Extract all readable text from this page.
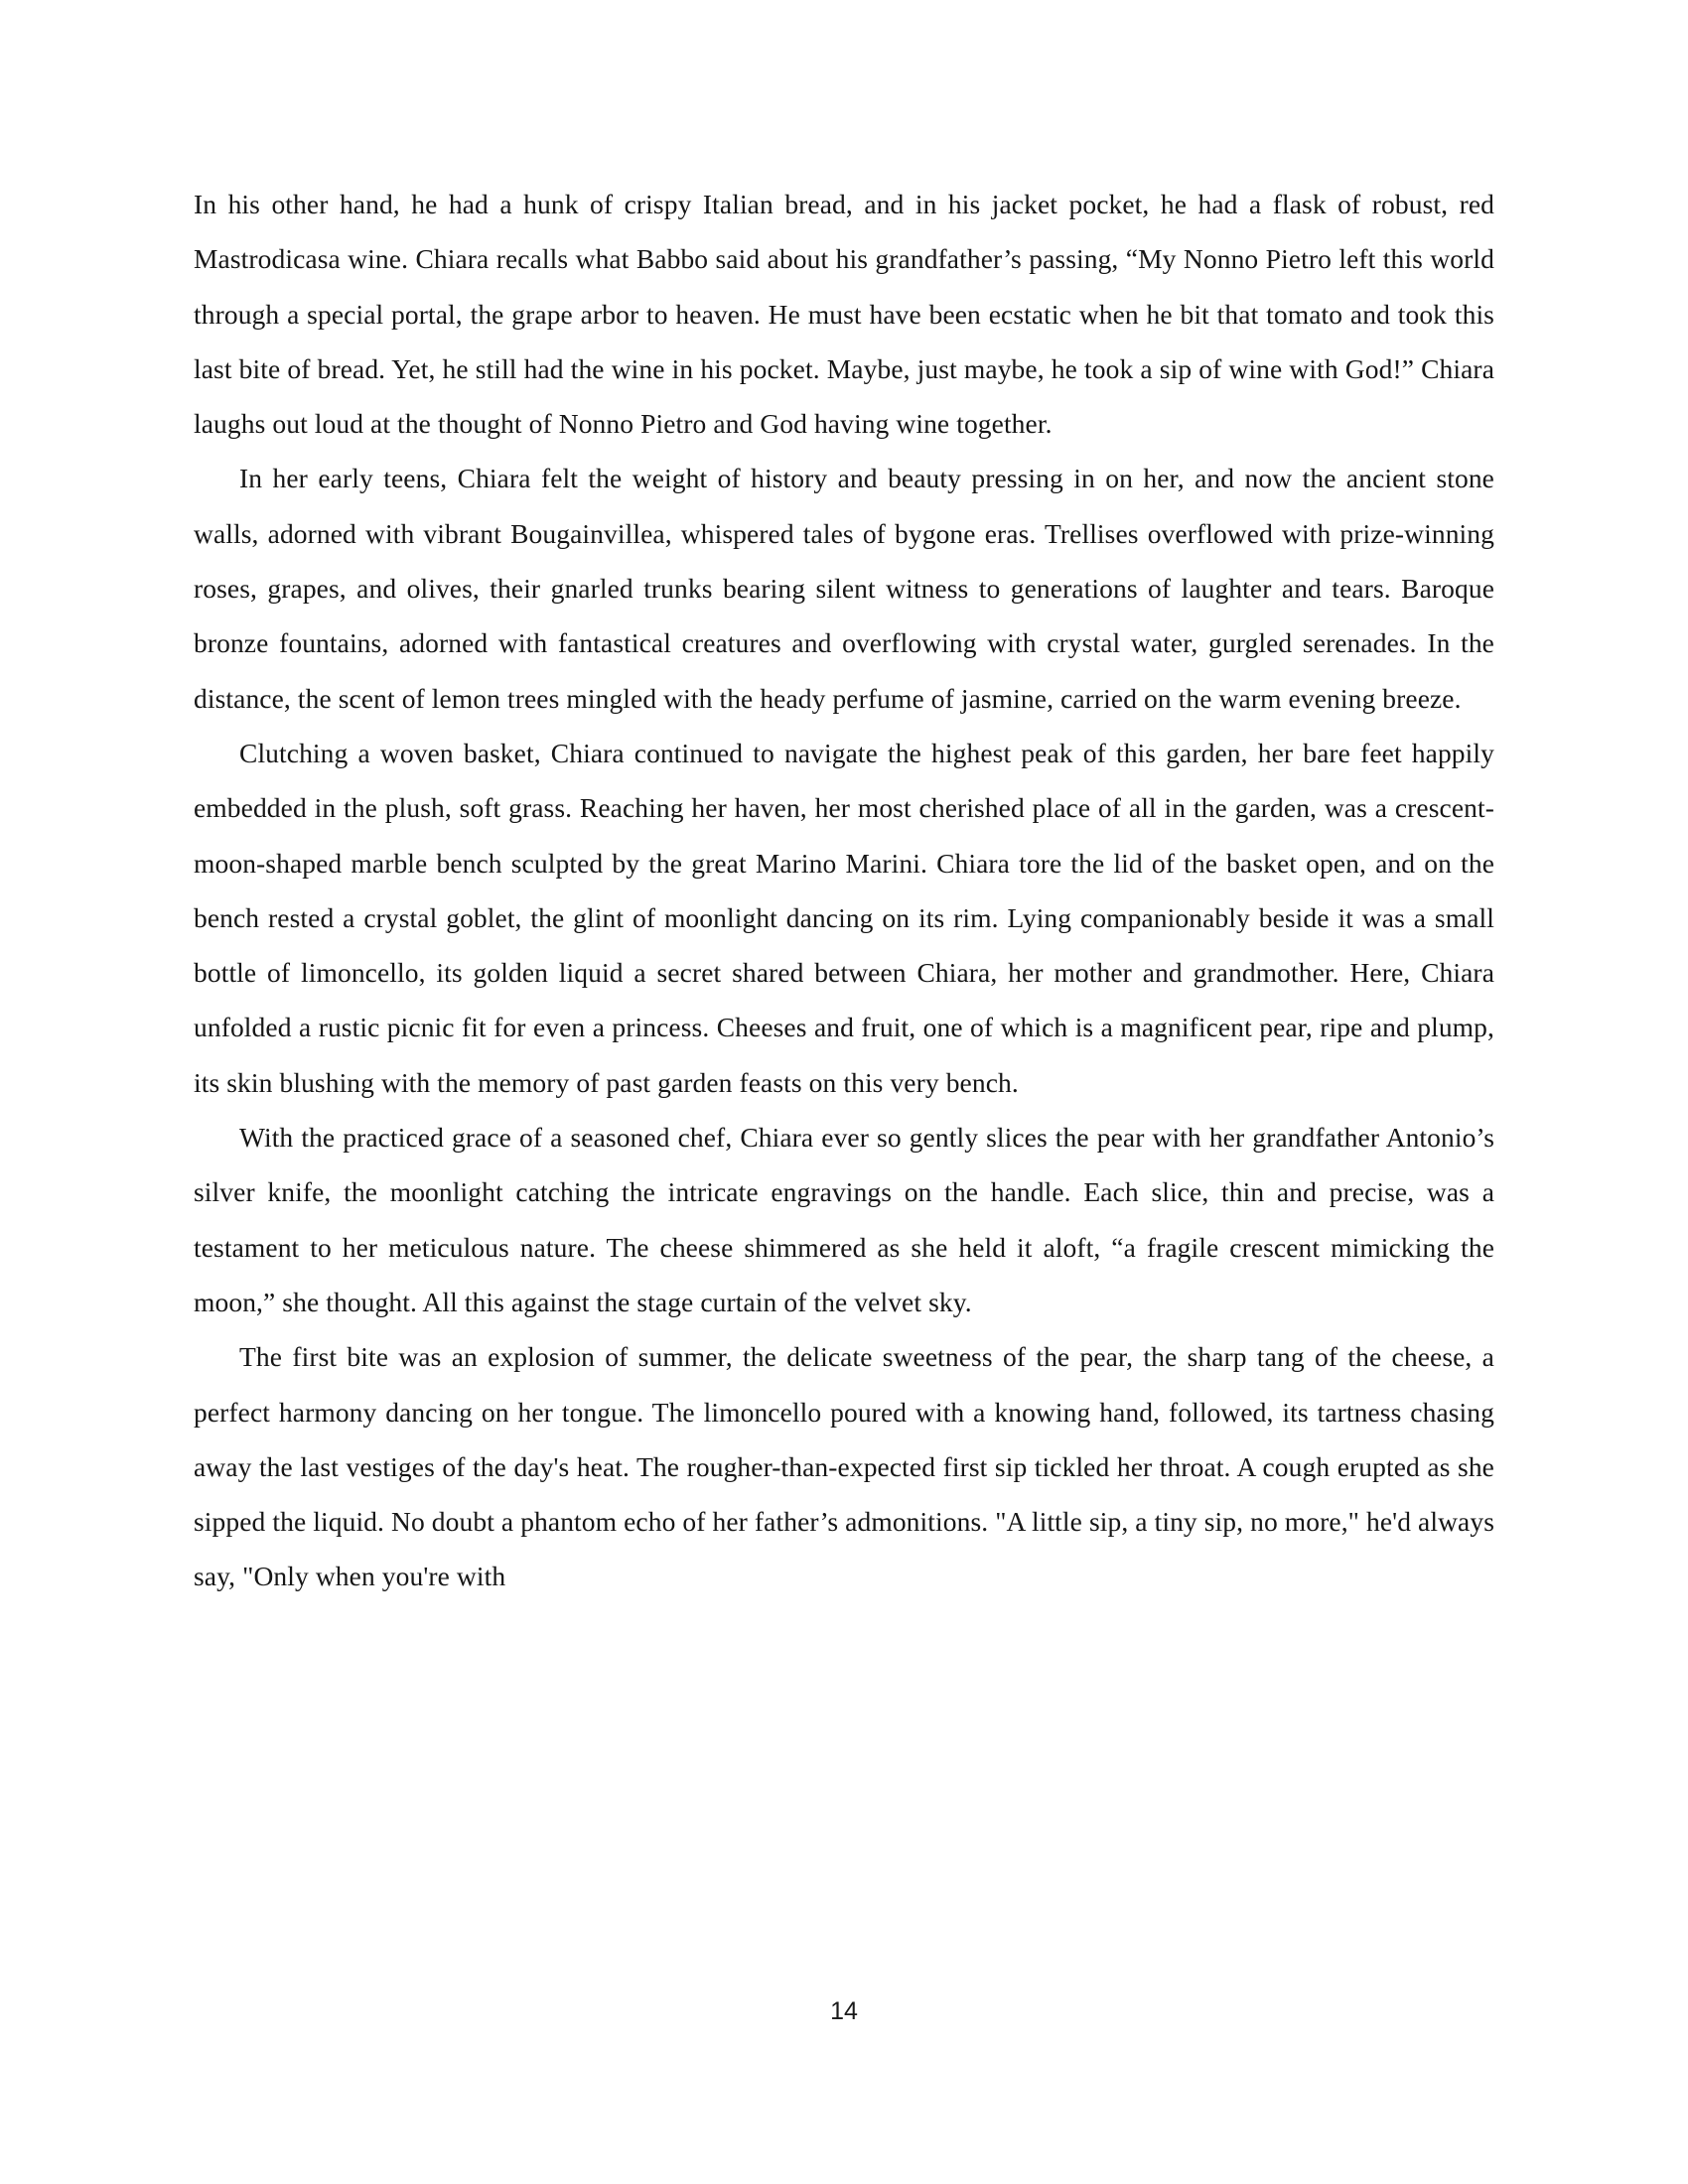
In his other hand, he had a hunk of crispy Italian bread, and in his jacket pocket, he had a flask of robust, red Mastrodicasa wine. Chiara recalls what Babbo said about his grandfather’s passing, “My Nonno Pietro left this world through a special portal, the grape arbor to heaven. He must have been ecstatic when he bit that tomato and took this last bite of bread. Yet, he still had the wine in his pocket. Maybe, just maybe, he took a sip of wine with God!” Chiara laughs out loud at the thought of Nonno Pietro and God having wine together.

In her early teens, Chiara felt the weight of history and beauty pressing in on her, and now the ancient stone walls, adorned with vibrant Bougainvillea, whispered tales of bygone eras. Trellises overflowed with prize-winning roses, grapes, and olives, their gnarled trunks bearing silent witness to generations of laughter and tears. Baroque bronze fountains, adorned with fantastical creatures and overflowing with crystal water, gurgled serenades. In the distance, the scent of lemon trees mingled with the heady perfume of jasmine, carried on the warm evening breeze.

Clutching a woven basket, Chiara continued to navigate the highest peak of this garden, her bare feet happily embedded in the plush, soft grass. Reaching her haven, her most cherished place of all in the garden, was a crescent-moon-shaped marble bench sculpted by the great Marino Marini. Chiara tore the lid of the basket open, and on the bench rested a crystal goblet, the glint of moonlight dancing on its rim. Lying companionably beside it was a small bottle of limoncello, its golden liquid a secret shared between Chiara, her mother and grandmother. Here, Chiara unfolded a rustic picnic fit for even a princess. Cheeses and fruit, one of which is a magnificent pear, ripe and plump, its skin blushing with the memory of past garden feasts on this very bench.

With the practiced grace of a seasoned chef, Chiara ever so gently slices the pear with her grandfather Antonio’s silver knife, the moonlight catching the intricate engravings on the handle. Each slice, thin and precise, was a testament to her meticulous nature. The cheese shimmered as she held it aloft, “a fragile crescent mimicking the moon,” she thought. All this against the stage curtain of the velvet sky.

The first bite was an explosion of summer, the delicate sweetness of the pear, the sharp tang of the cheese, a perfect harmony dancing on her tongue. The limoncello poured with a knowing hand, followed, its tartness chasing away the last vestiges of the day's heat. The rougher-than-expected first sip tickled her throat. A cough erupted as she sipped the liquid. No doubt a phantom echo of her father’s admonitions. "A little sip, a tiny sip, no more," he'd always say, "Only when you're with

14
